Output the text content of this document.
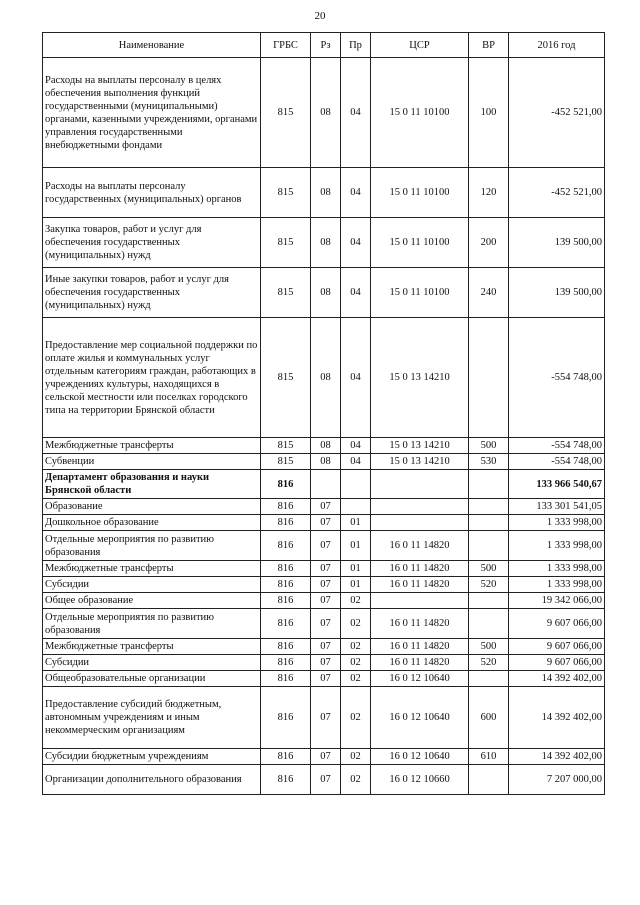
20
Наименование	ГРБС	Рз	Пр	ЦСР	ВР	2016 год
Расходы на выплаты персоналу в целях обеспечения выполнения функций государственными (муниципальными) органами, казенными учреждениями, органами управления государственными внебюджетными фондами	815	08	04	15 0 11 10100	100	-452 521,00
Расходы на выплаты персоналу государственных (муниципальных) органов	815	08	04	15 0 11 10100	120	-452 521,00
Закупка товаров, работ и услуг для обеспечения государственных (муниципальных) нужд	815	08	04	15 0 11 10100	200	139 500,00
Иные закупки товаров, работ и услуг для обеспечения государственных (муниципальных) нужд	815	08	04	15 0 11 10100	240	139 500,00
Предоставление мер социальной поддержки по оплате жилья и коммунальных услуг отдельным категориям граждан, работающих в учреждениях культуры, находящихся в сельской местности или поселках городского типа на территории Брянской области	815	08	04	15 0 13 14210		-554 748,00
Межбюджетные трансферты	815	08	04	15 0 13 14210	500	-554 748,00
Субвенции	815	08	04	15 0 13 14210	530	-554 748,00
Департамент образования и науки Брянской области	816					133 966 540,67
Образование	816	07				133 301 541,05
Дошкольное образование	816	07	01			1 333 998,00
Отдельные мероприятия по развитию образования	816	07	01	16 0 11 14820		1 333 998,00
Межбюджетные трансферты	816	07	01	16 0 11 14820	500	1 333 998,00
Субсидии	816	07	01	16 0 11 14820	520	1 333 998,00
Общее образование	816	07	02			19 342 066,00
Отдельные мероприятия по развитию образования	816	07	02	16 0 11 14820		9 607 066,00
Межбюджетные трансферты	816	07	02	16 0 11 14820	500	9 607 066,00
Субсидии	816	07	02	16 0 11 14820	520	9 607 066,00
Общеобразовательные организации	816	07	02	16 0 12 10640		14 392 402,00
Предоставление субсидий бюджетным, автономным учреждениям и иным некоммерческим организациям	816	07	02	16 0 12 10640	600	14 392 402,00
Субсидии бюджетным учреждениям	816	07	02	16 0 12 10640	610	14 392 402,00
Организации дополнительного образования	816	07	02	16 0 12 10660		7 207 000,00
